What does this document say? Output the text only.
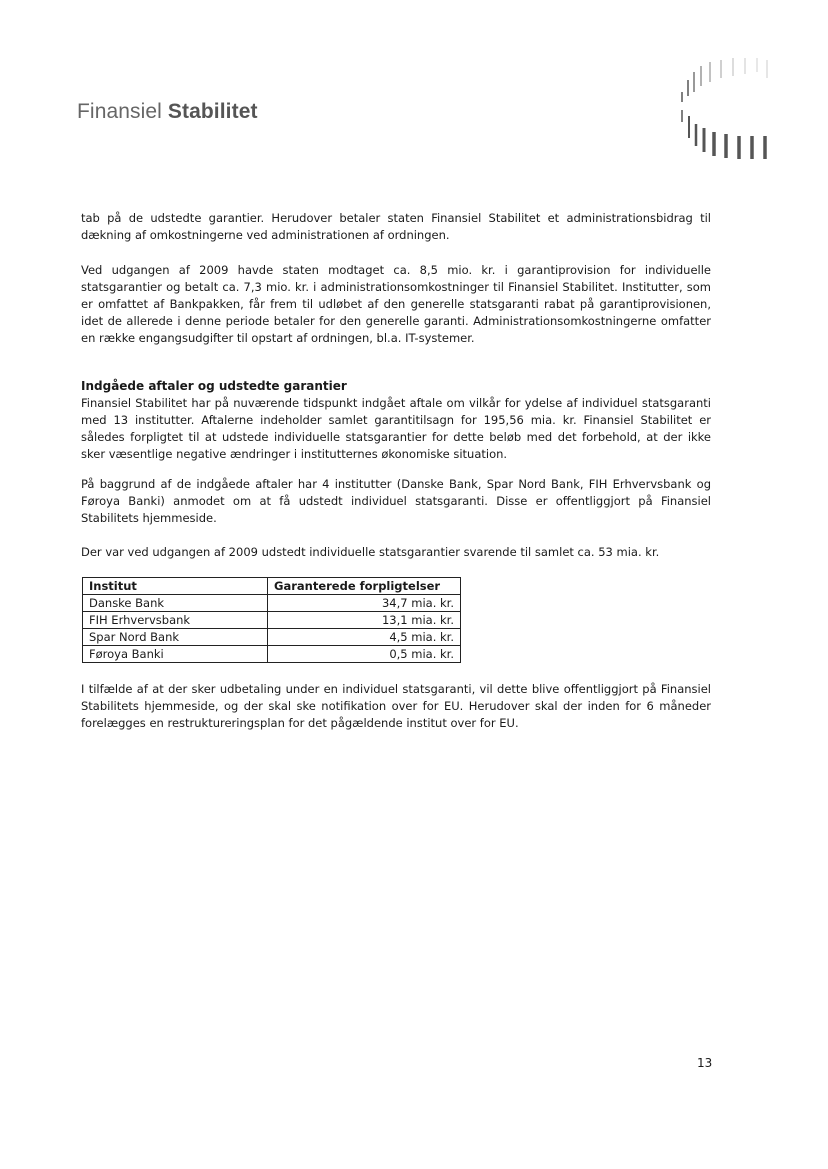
Finansiel Stabilitet

tab på de udstedte garantier. Herudover betaler staten Finansiel Stabilitet et administrationsbidrag til dækning af omkostningerne ved administrationen af ordningen.

Ved udgangen af 2009 havde staten modtaget ca. 8,5 mio. kr. i garantiprovision for individuelle statsgarantier og betalt ca. 7,3 mio. kr. i administrationsomkostninger til Finansiel Stabilitet. Institutter, som er omfattet af Bankpakken, får frem til udløbet af den generelle statsgaranti rabat på garantiprovisionen, idet de allerede i denne periode betaler for den generelle garanti. Administrationsomkostningerne omfatter en række engangsudgifter til opstart af ordningen, bl.a. IT-systemer.

Indgåede aftaler og udstedte garantier

Finansiel Stabilitet har på nuværende tidspunkt indgået aftale om vilkår for ydelse af individuel statsgaranti med 13 institutter. Aftalerne indeholder samlet garantitilsagn for 195,56 mia. kr. Finansiel Stabilitet er således forpligtet til at udstede individuelle statsgarantier for dette beløb med det forbehold, at der ikke sker væsentlige negative ændringer i institutternes økonomiske situation.

På baggrund af de indgåede aftaler har 4 institutter (Danske Bank, Spar Nord Bank, FIH Erhvervsbank og Føroya Banki) anmodet om at få udstedt individuel statsgaranti. Disse er offentliggjort på Finansiel Stabilitets hjemmeside.

Der var ved udgangen af 2009 udstedt individuelle statsgarantier svarende til samlet ca. 53 mia. kr.

Institut	Garanterede forpligtelser
Danske Bank	34,7 mia. kr.
FIH Erhvervsbank	13,1 mia. kr.
Spar Nord Bank	4,5 mia. kr.
Føroya Banki	0,5 mia. kr.

I tilfælde af at der sker udbetaling under en individuel statsgaranti, vil dette blive offentliggjort på Finansiel Stabilitets hjemmeside, og der skal ske notifikation over for EU. Herudover skal der inden for 6 måneder forelægges en restruktureringsplan for det pågældende institut over for EU.

13
